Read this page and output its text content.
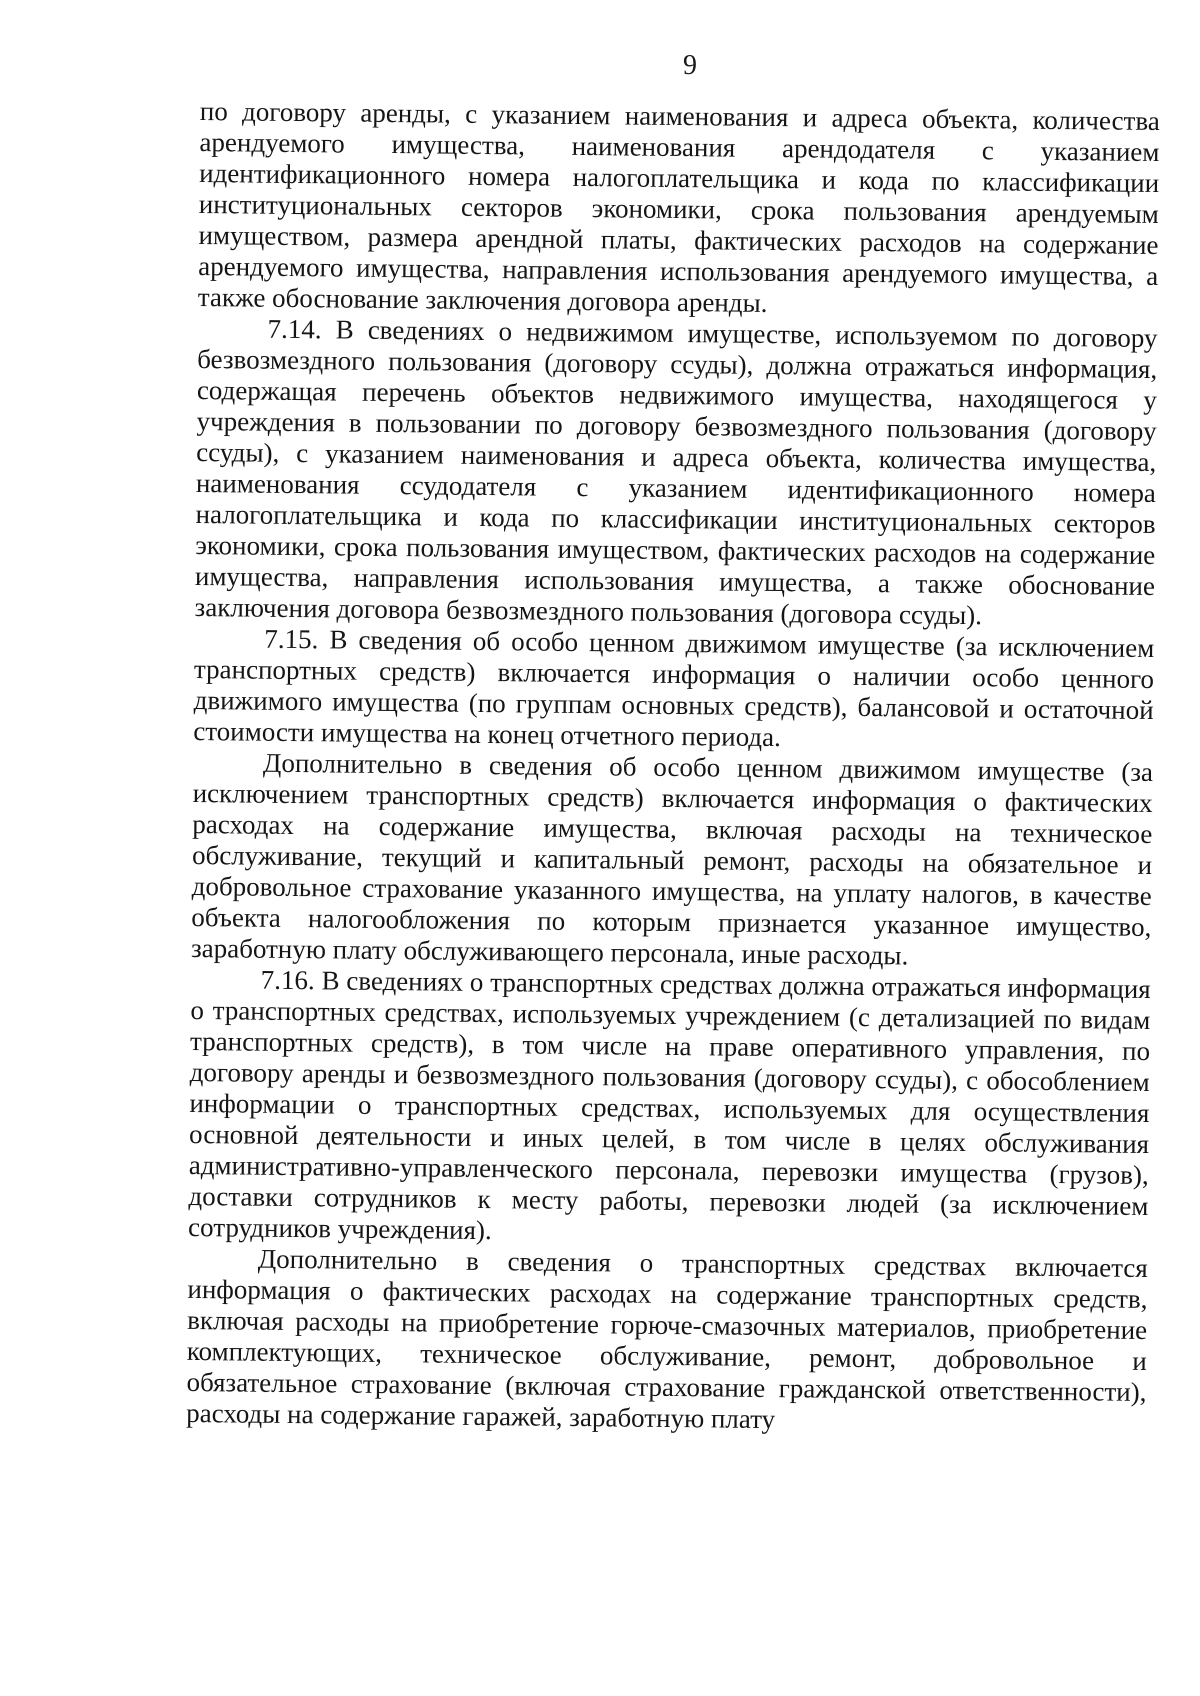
9

по договору аренды, с указанием наименования и адреса объекта, количества арендуемого имущества, наименования арендодателя с указанием идентификационного номера налогоплательщика и кода по классификации институциональных секторов экономики, срока пользования арендуемым имуществом, размера арендной платы, фактических расходов на содержание арендуемого имущества, направления использования арендуемого имущества, а также обоснование заключения договора аренды.

7.14. В сведениях о недвижимом имуществе, используемом по договору безвозмездного пользования (договору ссуды), должна отражаться информация, содержащая перечень объектов недвижимого имущества, находящегося у учреждения в пользовании по договору безвозмездного пользования (договору ссуды), с указанием наименования и адреса объекта, количества имущества, наименования ссудодателя с указанием идентификационного номера налогоплательщика и кода по классификации институциональных секторов экономики, срока пользования имуществом, фактических расходов на содержание имущества, направления использования имущества, а также обоснование заключения договора безвозмездного пользования (договора ссуды).

7.15. В сведения об особо ценном движимом имуществе (за исключением транспортных средств) включается информация о наличии особо ценного движимого имущества (по группам основных средств), балансовой и остаточной стоимости имущества на конец отчетного периода.

Дополнительно в сведения об особо ценном движимом имуществе (за исключением транспортных средств) включается информация о фактических расходах на содержание имущества, включая расходы на техническое обслуживание, текущий и капитальный ремонт, расходы на обязательное и добровольное страхование указанного имущества, на уплату налогов, в качестве объекта налогообложения по которым признается указанное имущество, заработную плату обслуживающего персонала, иные расходы.

7.16. В сведениях о транспортных средствах должна отражаться информация о транспортных средствах, используемых учреждением (с детализацией по видам транспортных средств), в том числе на праве оперативного управления, по договору аренды и безвозмездного пользования (договору ссуды), с обособлением информации о транспортных средствах, используемых для осуществления основной деятельности и иных целей, в том числе в целях обслуживания административно-управленческого персонала, перевозки имущества (грузов), доставки сотрудников к месту работы, перевозки людей (за исключением сотрудников учреждения).

Дополнительно в сведения о транспортных средствах включается информация о фактических расходах на содержание транспортных средств, включая расходы на приобретение горюче-смазочных материалов, приобретение комплектующих, техническое обслуживание, ремонт, добровольное и обязательное страхование (включая страхование гражданской ответственности), расходы на содержание гаражей, заработную плату
